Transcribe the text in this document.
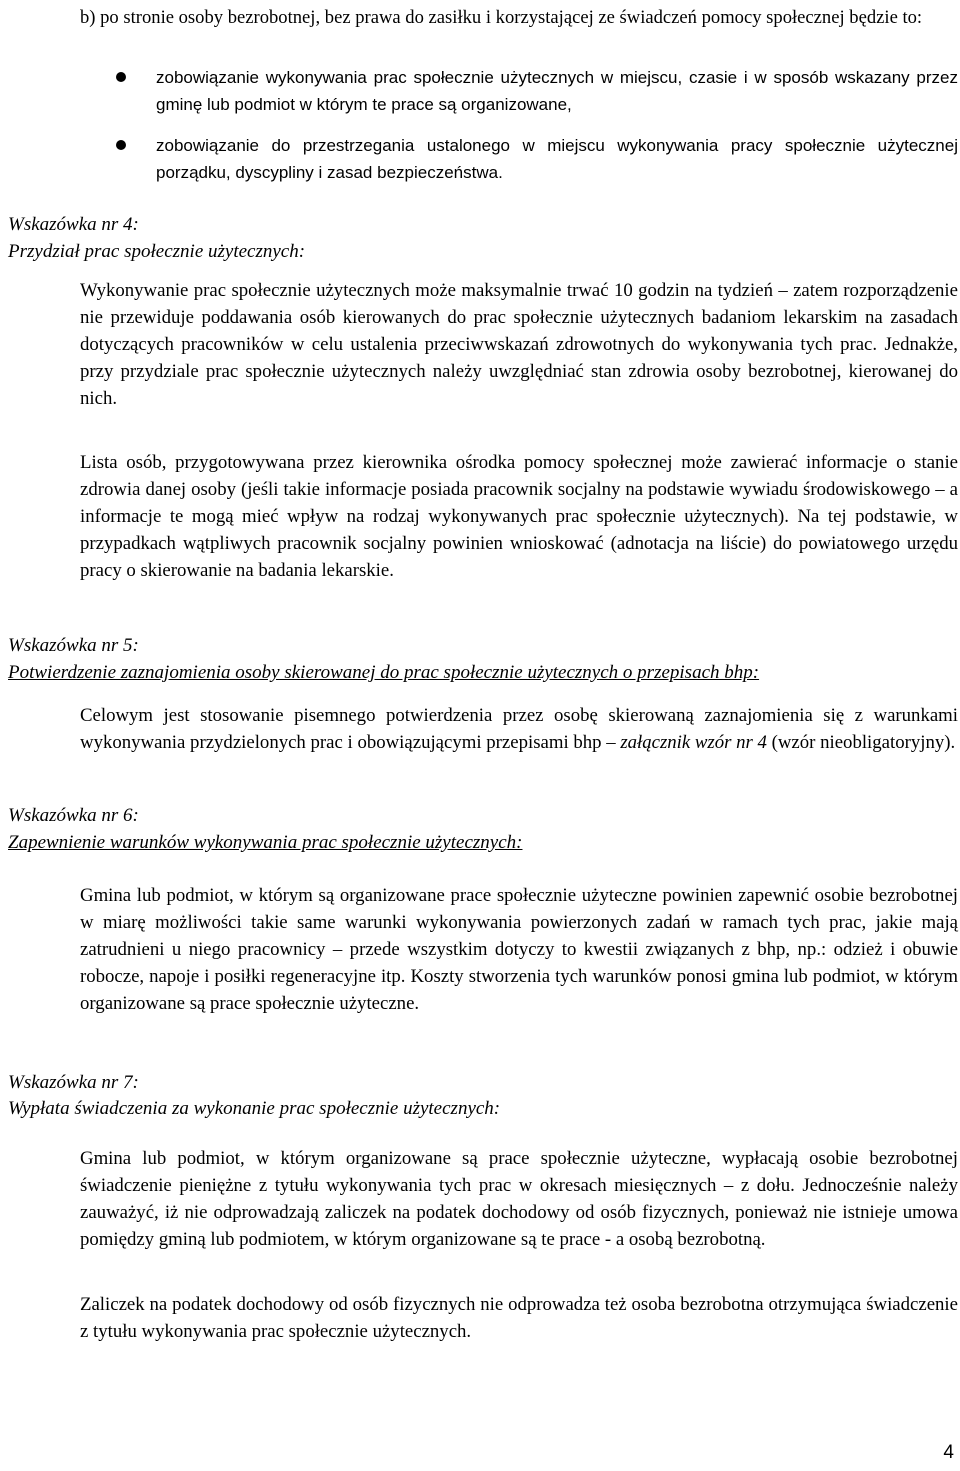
b) po stronie osoby bezrobotnej, bez prawa do zasiłku i korzystającej ze świadczeń pomocy społecznej będzie to:
zobowiązanie wykonywania prac społecznie użytecznych w miejscu, czasie i w sposób wskazany przez gminę lub podmiot w którym te prace są organizowane,
zobowiązanie do przestrzegania ustalonego w miejscu wykonywania pracy społecznie użytecznej porządku, dyscypliny i zasad bezpieczeństwa.
Wskazówka nr 4:
Przydział prac społecznie użytecznych:
Wykonywanie prac społecznie użytecznych może maksymalnie trwać 10 godzin na tydzień – zatem rozporządzenie nie przewiduje poddawania osób kierowanych do prac społecznie użytecznych badaniom lekarskim na zasadach dotyczących pracowników w celu ustalenia przeciwwskazań zdrowotnych do wykonywania tych prac. Jednakże, przy przydziale prac społecznie użytecznych należy uwzględniać stan zdrowia osoby bezrobotnej, kierowanej do nich.
Lista osób, przygotowywana przez kierownika ośrodka pomocy społecznej może zawierać informacje o stanie zdrowia danej osoby (jeśli takie informacje posiada pracownik socjalny na podstawie wywiadu środowiskowego – a informacje te mogą mieć wpływ na rodzaj wykonywanych prac społecznie użytecznych). Na tej podstawie, w przypadkach wątpliwych pracownik socjalny powinien wnioskować (adnotacja na liście) do powiatowego urzędu pracy o skierowanie na badania lekarskie.
Wskazówka nr 5:
Potwierdzenie zaznajomienia osoby skierowanej do prac społecznie użytecznych o przepisach bhp:
Celowym jest stosowanie pisemnego potwierdzenia przez osobę skierowaną zaznajomienia się z warunkami wykonywania przydzielonych prac i obowiązującymi przepisami bhp – załącznik wzór nr 4 (wzór nieobligatoryjny).
Wskazówka nr 6:
Zapewnienie warunków wykonywania prac społecznie użytecznych:
Gmina lub podmiot, w którym są organizowane prace społecznie użyteczne powinien zapewnić osobie bezrobotnej w miarę możliwości takie same warunki wykonywania powierzonych zadań w ramach tych prac, jakie mają zatrudnieni u niego pracownicy – przede wszystkim dotyczy to kwestii związanych z bhp, np.: odzież i obuwie robocze, napoje i posiłki regeneracyjne itp. Koszty stworzenia tych warunków ponosi gmina lub podmiot, w którym organizowane są prace społecznie użyteczne.
Wskazówka nr 7:
Wypłata świadczenia za wykonanie prac społecznie użytecznych:
Gmina lub podmiot, w którym organizowane są prace społecznie użyteczne, wypłacają osobie bezrobotnej świadczenie pieniężne z tytułu wykonywania tych prac w okresach miesięcznych – z dołu. Jednocześnie należy zauważyć, iż nie odprowadzają zaliczek na podatek dochodowy od osób fizycznych, ponieważ nie istnieje umowa pomiędzy gminą lub podmiotem, w którym organizowane są te prace - a osobą bezrobotną.
Zaliczek na podatek dochodowy od osób fizycznych nie odprowadza też osoba bezrobotna otrzymująca świadczenie z tytułu wykonywania prac społecznie użytecznych.
4
